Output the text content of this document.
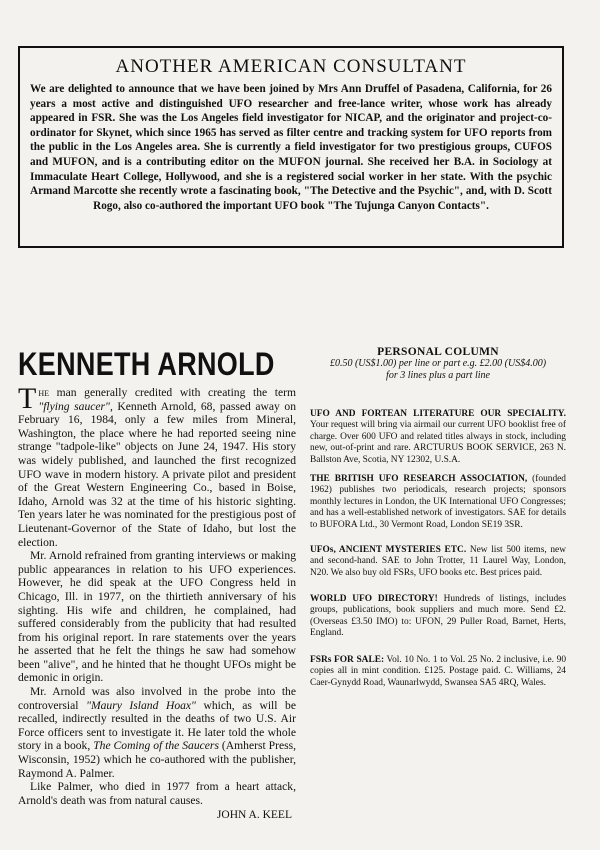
ANOTHER AMERICAN CONSULTANT
We are delighted to announce that we have been joined by Mrs Ann Druffel of Pasadena, California, for 26 years a most active and distinguished UFO researcher and free-lance writer, whose work has already appeared in FSR. She was the Los Angeles field investigator for NICAP, and the originator and project-co-ordinator for Skynet, which since 1965 has served as filter centre and tracking system for UFO reports from the public in the Los Angeles area. She is currently a field investigator for two prestigious groups, CUFOS and MUFON, and is a contributing editor on the MUFON journal. She received her B.A. in Sociology at Immaculate Heart College, Hollywood, and she is a registered social worker in her state. With the psychic Armand Marcotte she recently wrote a fascinating book, "The Detective and the Psychic", and, with D. Scott Rogo, also co-authored the important UFO book "The Tujunga Canyon Contacts".
KENNETH ARNOLD

The man generally credited with creating the term "flying saucer", Kenneth Arnold, 68, passed away on February 16, 1984, only a few miles from Mineral, Washington, the place where he had reported seeing nine strange "tadpole-like" objects on June 24, 1947. His story was widely published, and launched the first recognized UFO wave in modern history. A private pilot and president of the Great Western Engineering Co., based in Boise, Idaho, Arnold was 32 at the time of his historic sighting. Ten years later he was nominated for the prestigious post of Lieutenant-Governor of the State of Idaho, but lost the election.

Mr. Arnold refrained from granting interviews or making public appearances in relation to his UFO experiences. However, he did speak at the UFO Congress held in Chicago, Ill. in 1977, on the thirtieth anniversary of his sighting. His wife and children, he complained, had suffered considerably from the publicity that had resulted from his original report. In rare statements over the years he asserted that he felt the things he saw had somehow been "alive", and he hinted that he thought UFOs might be demonic in origin.

Mr. Arnold was also involved in the probe into the controversial "Maury Island Hoax" which, as will be recalled, indirectly resulted in the deaths of two U.S. Air Force officers sent to investigate it. He later told the whole story in a book, The Coming of the Saucers (Amherst Press, Wisconsin, 1952) which he co-authored with the publisher, Raymond A. Palmer.

Like Palmer, who died in 1977 from a heart attack, Arnold's death was from natural causes.

JOHN A. KEEL
PERSONAL COLUMN
£0.50 (US$1.00) per line or part e.g. £2.00 (US$4.00)
for 3 lines plus a part line
UFO AND FORTEAN LITERATURE OUR SPECIALITY. Your request will bring via airmail our current UFO booklist free of charge. Over 600 UFO and related titles always in stock, including new, out-of-print and rare. ARCTURUS BOOK SERVICE, 263 N. Ballston Ave, Scotia, NY 12302, U.S.A.
THE BRITISH UFO RESEARCH ASSOCIATION, (founded 1962) publishes two periodicals, research projects; sponsors monthly lectures in London, the UK International UFO Congresses; and has a well-established network of investigators. SAE for details to BUFORA Ltd., 30 Vermont Road, London SE19 3SR.
UFOs, ANCIENT MYSTERIES ETC. New list 500 items, new and second-hand. SAE to John Trotter, 11 Laurel Way, London, N20. We also buy old FSRs, UFO books etc. Best prices paid.
WORLD UFO DIRECTORY! Hundreds of listings, includes groups, publications, book suppliers and much more. Send £2. (Overseas £3.50 IMO) to: UFON, 29 Puller Road, Barnet, Herts, England.
FSRs FOR SALE: Vol. 10 No. 1 to Vol. 25 No. 2 inclusive, i.e. 90 copies all in mint condition. £125. Postage paid. C. Williams, 24 Caer-Gynydd Road, Waunarlwydd, Swansea SA5 4RQ, Wales.
